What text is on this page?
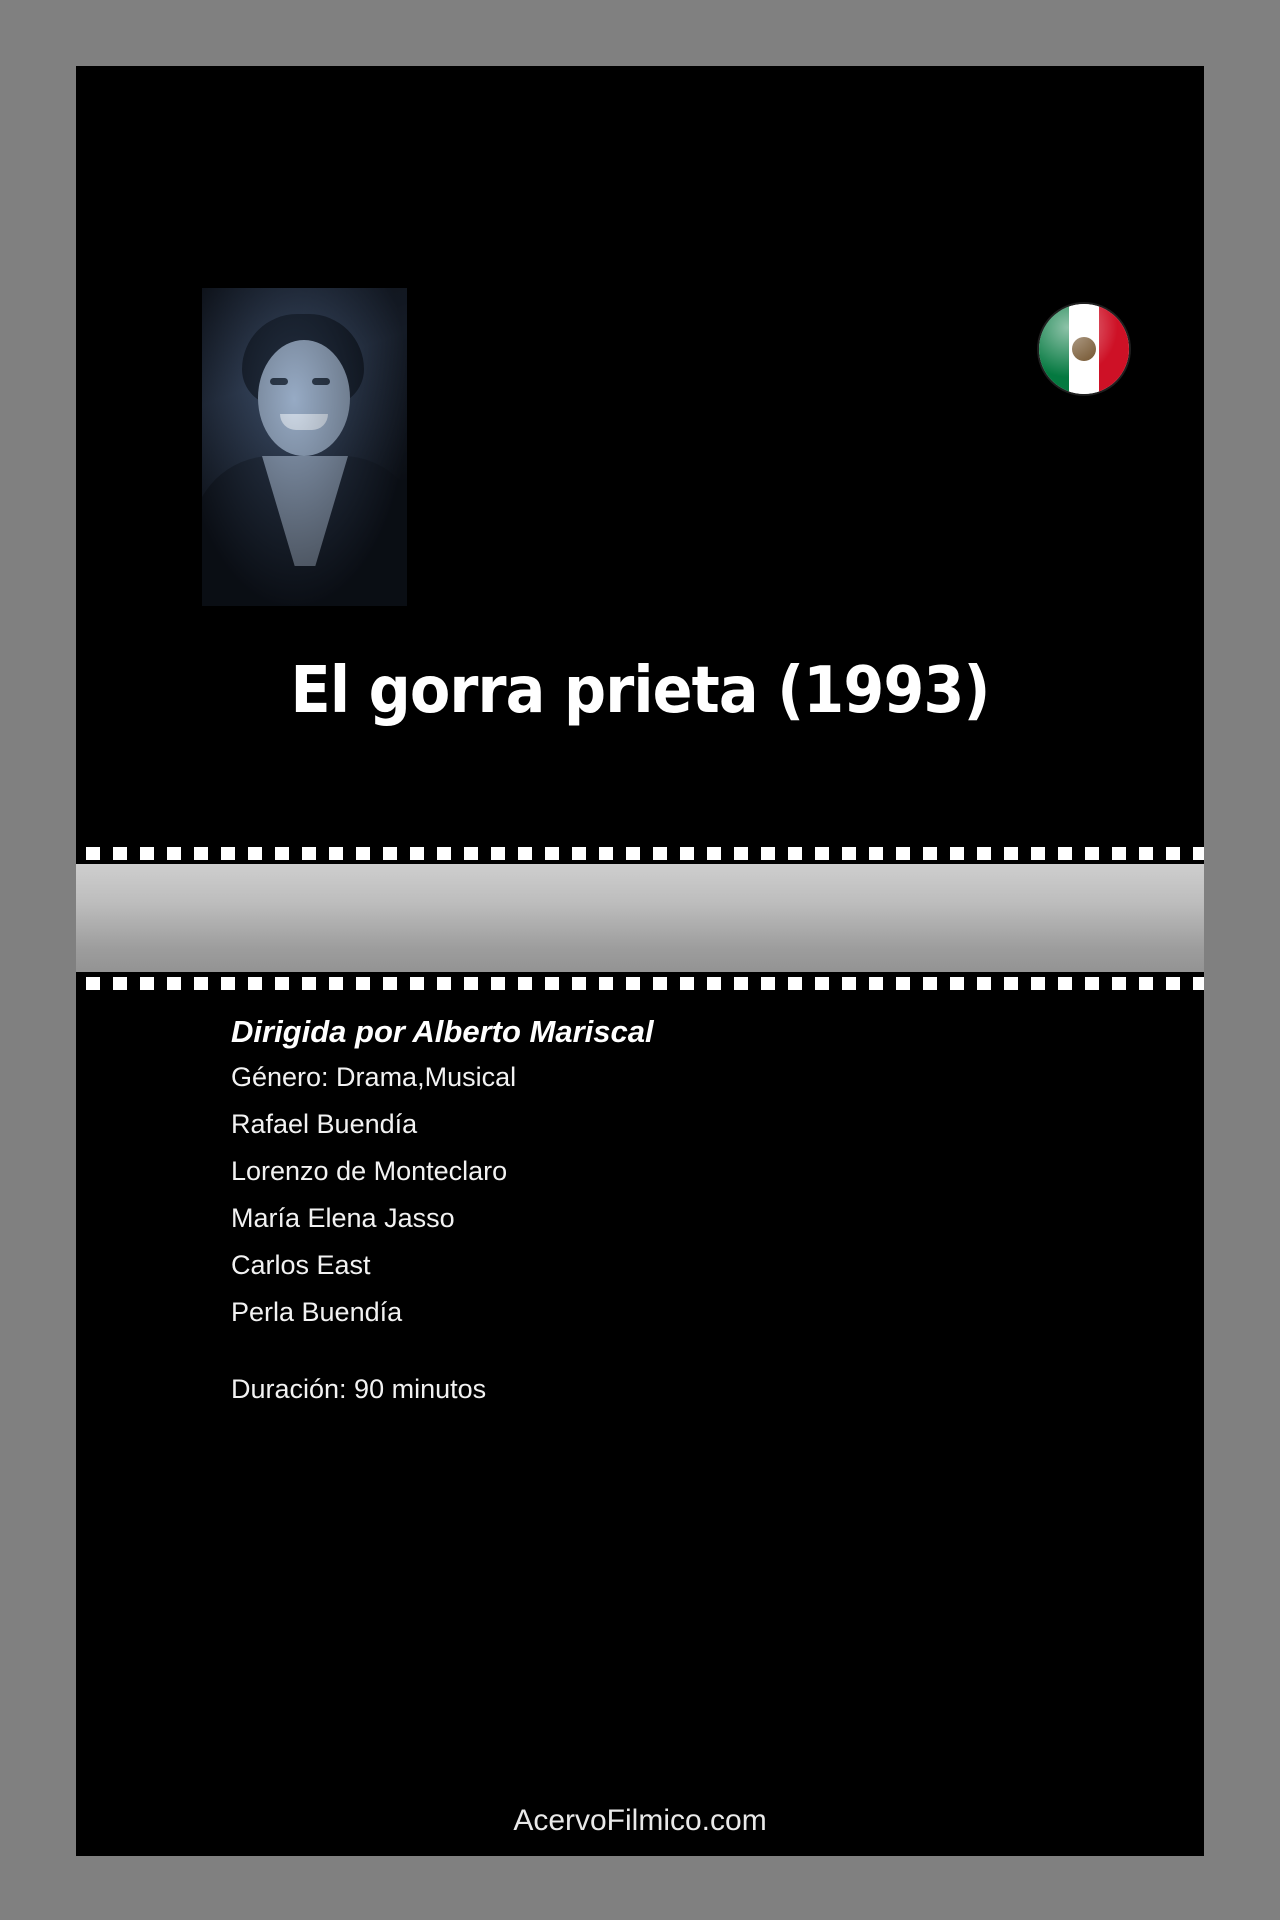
El gorra prieta (1993)
Dirigida por Alberto Mariscal
Género: Drama,Musical
Rafael Buendía
Lorenzo de Monteclaro
María Elena Jasso
Carlos East
Perla Buendía
Duración: 90 minutos
AcervoFilmico.com
